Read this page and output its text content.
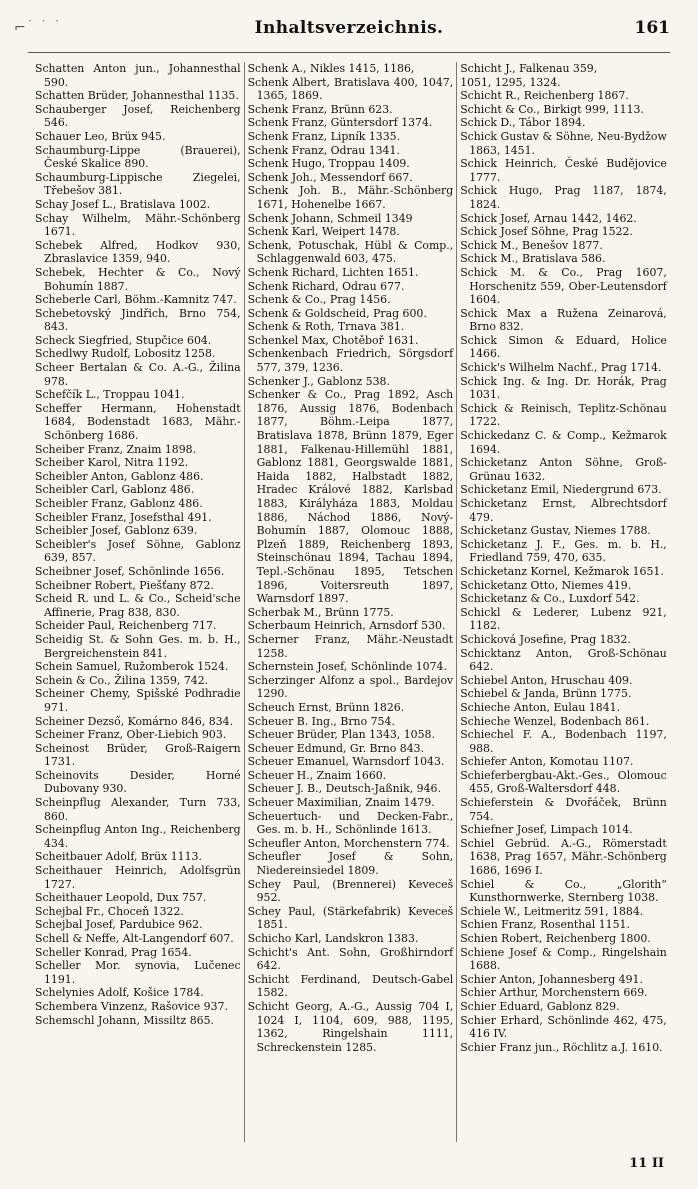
⌐ · · ·	Inhaltsverzeichnis.	161
Schatten Anton jun., Johannesthal 590.
Schatten Brüder, Johannesthal 1135.
Schauberger Josef, Reichenberg 546.
Schauer Leo, Brüx 945.
Schaumburg-Lippe (Brauerei), České Skalice 890.
Schaumburg-Lippische Ziegelei, Třebešov 381.
Schay Josef L., Bratislava 1002.
Schay Wilhelm, Mähr.-Schönberg 1671.
Schebek Alfred, Hodkov 930, Zbraslavice 1359, 940.
Schebek, Hechter & Co., Nový Bohumín 1887.
Scheberle Carl, Böhm.-Kamnitz 747.
Schebetovský Jindřich, Brno 754, 843.
Scheck Siegfried, Stupčice 604.
Schedlwy Rudolf, Lobositz 1258.
Scheer Bertalan & Co. A.-G., Žilina 978.
Schefčík L., Troppau 1041.
Scheffer Hermann, Hohenstadt 1684, Bodenstadt 1683, Mähr.-Schönberg 1686.
Scheiber Franz, Znaim 1898.
Scheiber Karol, Nitra 1192.
Scheibler Anton, Gablonz 486.
Scheibler Carl, Gablonz 486.
Scheibler Franz, Gablonz 486.
Scheibler Franz, Josefsthal 491.
Scheibler Josef, Gablonz 639.
Scheibler's Josef Söhne, Gablonz 639, 857.
Scheibner Josef, Schönlinde 1656.
Scheibner Robert, Piešťany 872.
Scheid R. und L. & Co., Scheid'sche Affinerie, Prag 838, 830.
Scheider Paul, Reichenberg 717.
Scheidig St. & Sohn Ges. m. b. H., Bergreichenstein 841.
Schein Samuel, Ružomberok 1524.
Schein & Co., Žilina 1359, 742.
Scheiner Chemy, Spišské Podhradie 971.
Scheiner Dezső, Komárno 846, 834.
Scheiner Franz, Ober-Liebich 903.
Scheinost Brüder, Groß-Raigern 1731.
Scheinovits Desider, Horné Dubovany 930.
Scheinpflug Alexander, Turn 733, 860.
Scheinpflug Anton Ing., Reichenberg 434.
Scheitbauer Adolf, Brüx 1113.
Scheithauer Heinrich, Adolfsgrün 1727.
Scheithauer Leopold, Dux 757.
Schejbal Fr., Choceň 1322.
Schejbal Josef, Pardubice 962.
Schell & Neffe, Alt-Langendorf 607.
Scheller Konrad, Prag 1654.
Scheller Mor. synovia, Lučenec 1191.
Schelynies Adolf, Košice 1784.
Schembera Vinzenz, Rašovice 937.
Schemschl Johann, Missiltz 865.
Schenk A., Nikles 1415, 1186,
Schenk Albert, Bratislava 400, 1047, 1365, 1869.
Schenk Franz, Brünn 623.
Schenk Franz, Güntersdorf 1374.
Schenk Franz, Lipník 1335.
Schenk Franz, Odrau 1341.
Schenk Hugo, Troppau 1409.
Schenk Joh., Messendorf 667.
Schenk Joh. B., Mähr.-Schönberg 1671, Hohenelbe 1667.
Schenk Johann, Schmeil 1349
Schenk Karl, Weipert 1478.
Schenk, Potuschak, Hübl & Comp., Schlaggenwald 603, 475.
Schenk Richard, Lichten 1651.
Schenk Richard, Odrau 677.
Schenk & Co., Prag 1456.
Schenk & Goldscheid, Prag 600.
Schenk & Roth, Trnava 381.
Schenkel Max, Chotěboř 1631.
Schenkenbach Friedrich, Sörgsdorf 577, 379, 1236.
Schenker J., Gablonz 538.
Schenker & Co., Prag 1892, Asch 1876, Aussig 1876, Bodenbach 1877, Böhm.-Leipa 1877, Bratislava 1878, Brünn 1879, Eger 1881, Falkenau-Hillemühl 1881, Gablonz 1881, Georgswalde 1881, Haida 1882, Halbstadt 1882, Hradec Králové 1882, Karlsbad 1883, Királyháza 1883, Moldau 1886, Náchod 1886, Nový-Bohumín 1887, Olomouc 1888, Plzeň 1889, Reichenberg 1893, Steinschönau 1894, Tachau 1894, Tepl.-Schönau 1895, Tetschen 1896, Voitersreuth 1897, Warnsdorf 1897.
Scherbak M., Brünn 1775.
Scherbaum Heinrich, Arnsdorf 530.
Scherner Franz, Mähr.-Neustadt 1258.
Schernstein Josef, Schönlinde 1074.
Scherzinger Alfonz a spol., Bardejov 1290.
Scheuch Ernst, Brünn 1826.
Scheuer B. Ing., Brno 754.
Scheuer Brüder, Plan 1343, 1058.
Scheuer Edmund, Gr. Brno 843.
Scheuer Emanuel, Warnsdorf 1043.
Scheuer H., Znaim 1660.
Scheuer J. B., Deutsch-Jaßnik, 946.
Scheuer Maximilian, Znaim 1479.
Scheuertuch- und Decken-Fabr., Ges. m. b. H., Schönlinde 1613.
Scheufler Anton, Morchenstern 774.
Scheufler Josef & Sohn, Niedereinsiedel 1809.
Schey Paul, (Brennerei) Keveceš 952.
Schey Paul, (Stärkefabrik) Keveceš 1851.
Schicho Karl, Landskron 1383.
Schicht's Ant. Sohn, Großhirndorf 642.
Schicht Ferdinand, Deutsch-Gabel 1582.
Schicht Georg, A.-G., Aussig 704 I, 1024 I, 1104, 609, 988, 1195, 1362, Ringelshain 1111, Schreckenstein 1285.
Schicht J., Falkenau 359,
1051, 1295, 1324.
Schicht R., Reichenberg 1867.
Schicht & Co., Birkigt 999, 1113.
Schick D., Tábor 1894.
Schick Gustav & Söhne, Neu-Bydžow 1863, 1451.
Schick Heinrich, České Budějovice 1777.
Schick Hugo, Prag 1187, 1874, 1824.
Schick Josef, Arnau 1442, 1462.
Schick Josef Söhne, Prag 1522.
Schick M., Benešov 1877.
Schick M., Bratislava 586.
Schick M. & Co., Prag 1607, Horschenitz 559, Ober-Leutensdorf 1604.
Schick Max a Ružena Zeinarová, Brno 832.
Schick Simon & Eduard, Holice 1466.
Schick's Wilhelm Nachf., Prag 1714.
Schick Ing. & Ing. Dr. Horák, Prag 1031.
Schick & Reinisch, Teplitz-Schönau 1722.
Schickedanz C. & Comp., Kežmarok 1694.
Schicketanz Anton Söhne, Groß-Grünau 1632.
Schicketanz Emil, Niedergrund 673.
Schicketanz Ernst, Albrechtsdorf 479.
Schicketanz Gustav, Niemes 1788.
Schicketanz J. F., Ges. m. b. H., Friedland 759, 470, 635.
Schicketanz Kornel, Kežmarok 1651.
Schicketanz Otto, Niemes 419.
Schicketanz & Co., Luxdorf 542.
Schickl & Lederer, Lubenz 921, 1182.
Schicková Josefine, Prag 1832.
Schicktanz Anton, Groß-Schönau 642.
Schiebel Anton, Hruschau 409.
Schiebel & Janda, Brünn 1775.
Schieche Anton, Eulau 1841.
Schieche Wenzel, Bodenbach 861.
Schiechel F. A., Bodenbach 1197, 988.
Schiefer Anton, Komotau 1107.
Schieferbergbau-Akt.-Ges., Olomouc 455, Groß-Waltersdorf 448.
Schieferstein & Dvořáček, Brünn 754.
Schiefner Josef, Limpach 1014.
Schiel Gebrüd. A.-G., Römerstadt 1638, Prag 1657, Mähr.-Schönberg 1686, 1696 I.
Schiel & Co., „Glorith“ Kunsthornwerke, Sternberg 1038.
Schiele W., Leitmeritz 591, 1884.
Schien Franz, Rosenthal 1151.
Schien Robert, Reichenberg 1800.
Schiene Josef & Comp., Ringelshain 1688.
Schier Anton, Johannesberg 491.
Schier Arthur, Morchenstern 669.
Schier Eduard, Gablonz 829.
Schier Erhard, Schönlinde 462, 475, 416 IV.
Schier Franz jun., Röchlitz a.J. 1610.
11 II
